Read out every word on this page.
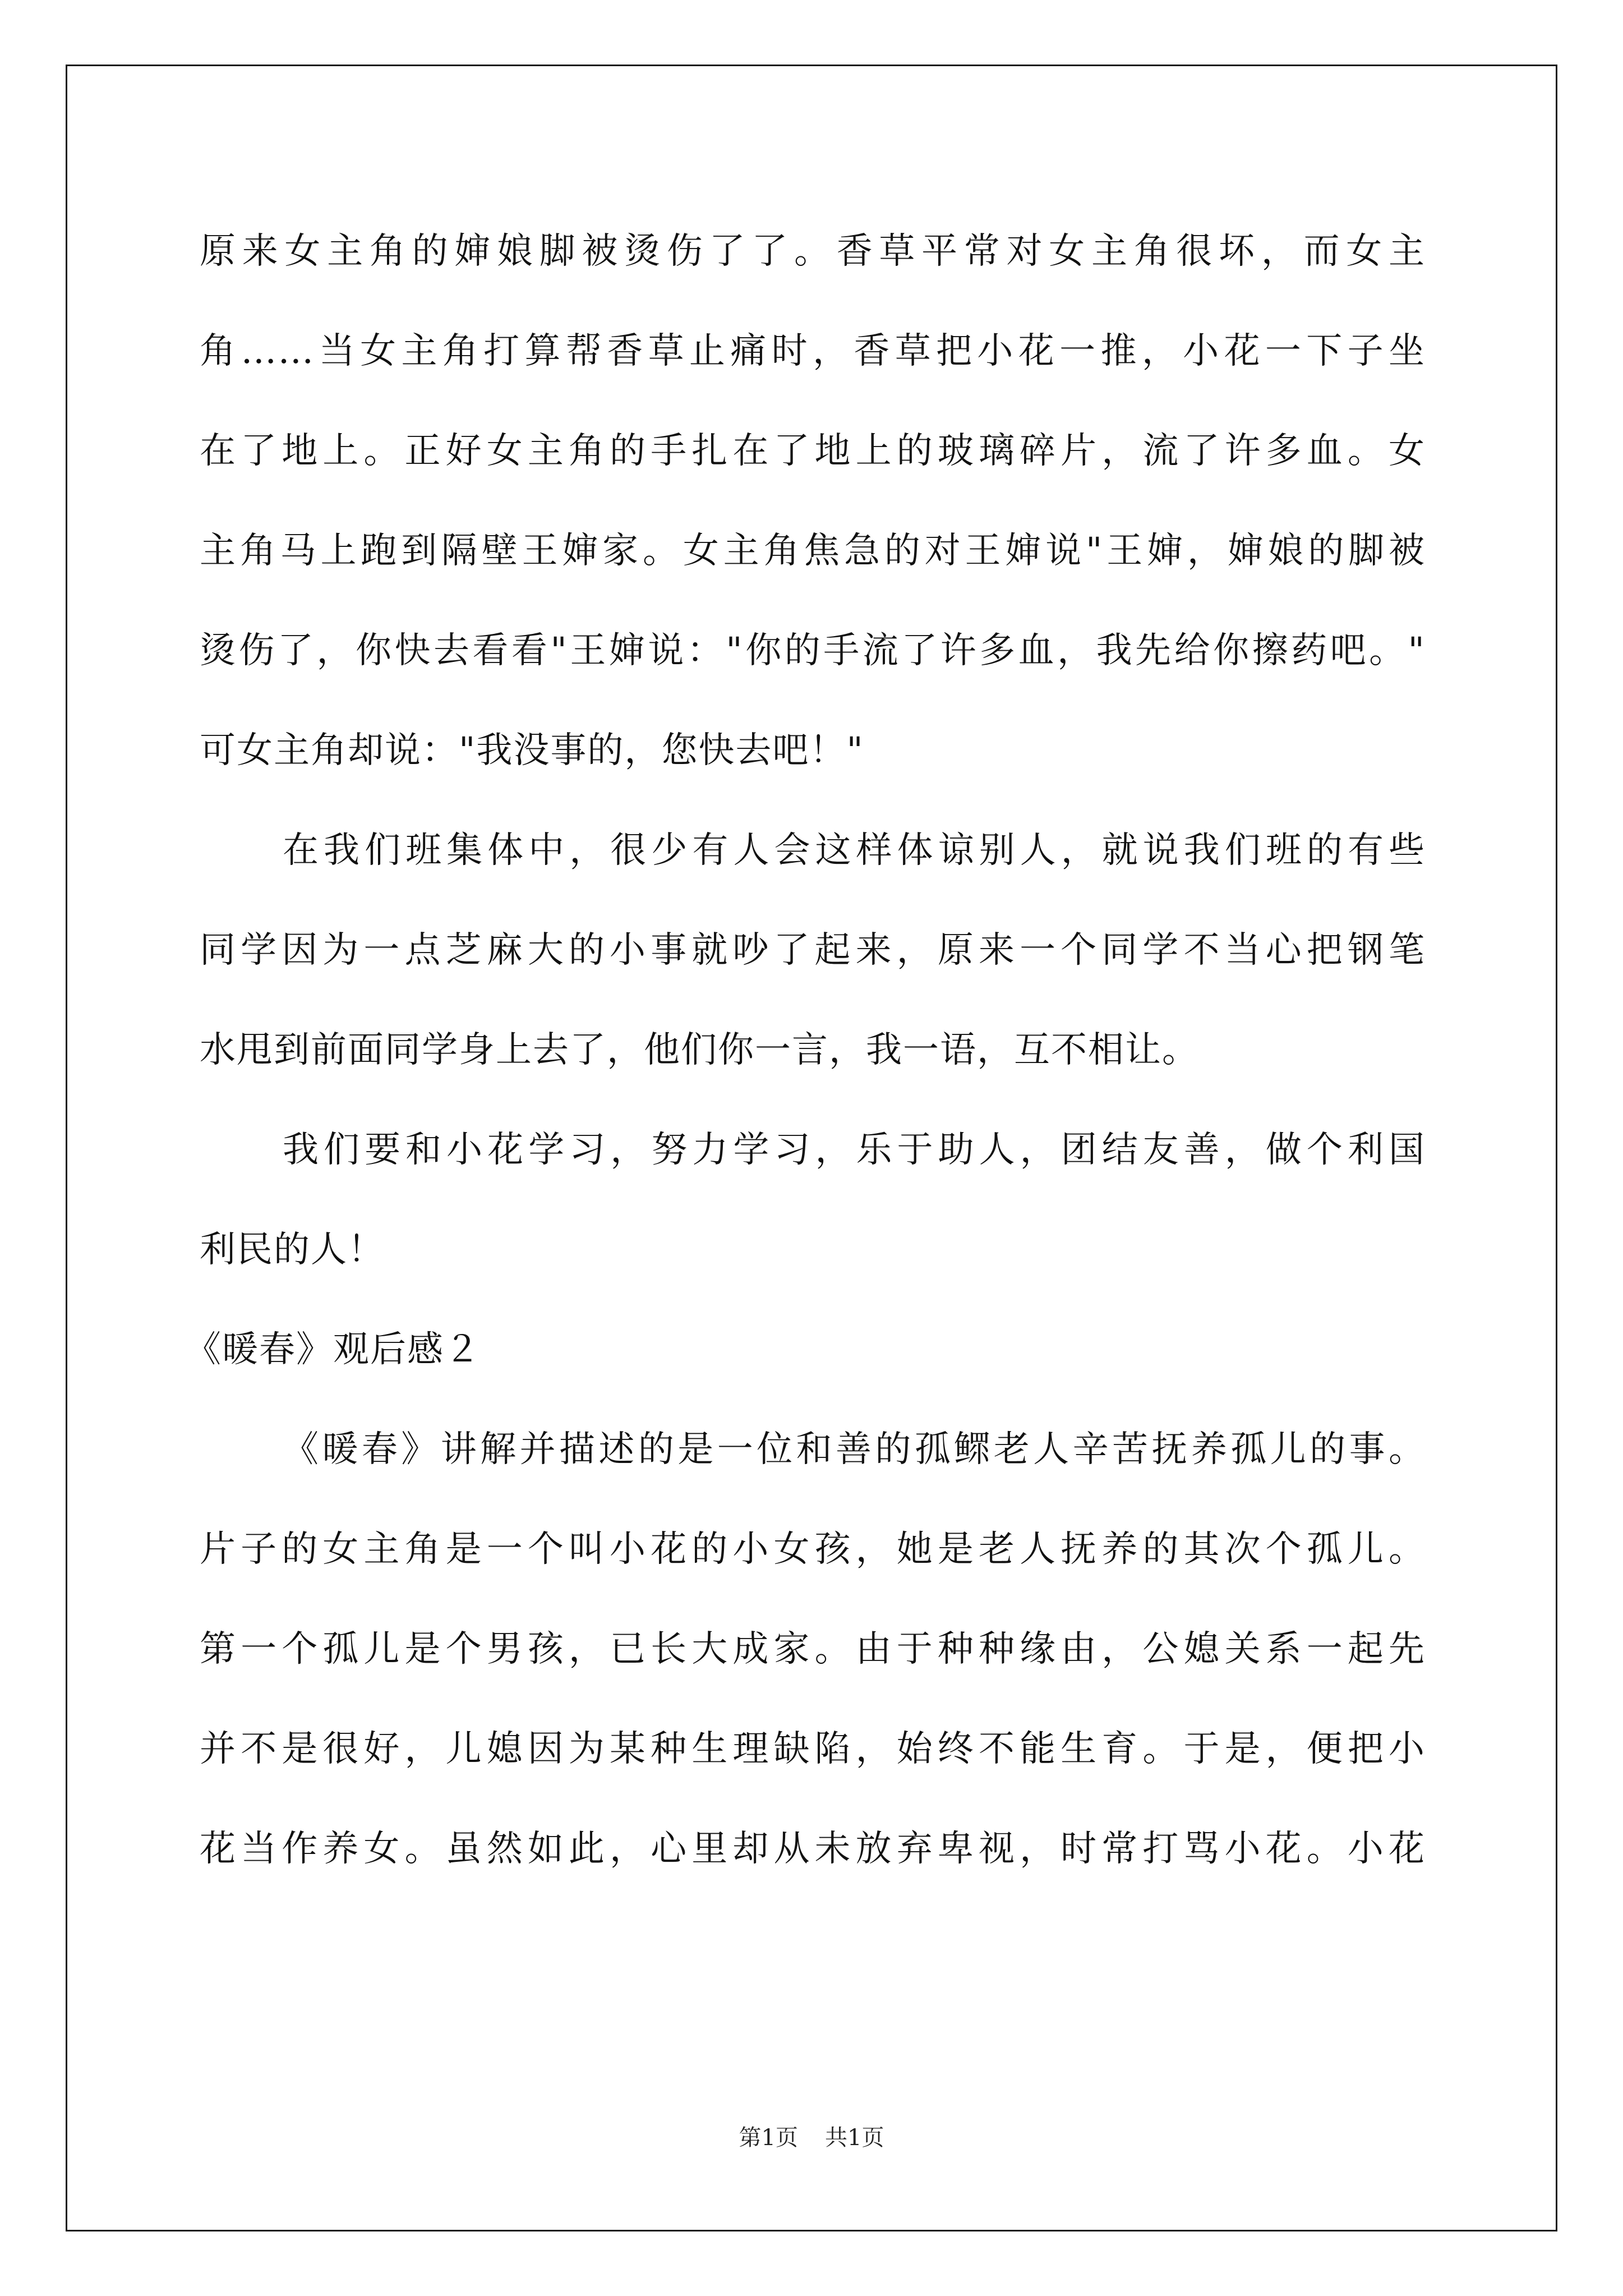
原来女主角的婶娘脚被烫伤了了。香草平常对女主角很坏，而女主
角……当女主角打算帮香草止痛时，香草把小花一推，小花一下子坐
在了地上。正好女主角的手扎在了地上的玻璃碎片，流了许多血。女
主角马上跑到隔壁王婶家。女主角焦急的对王婶说"王婶，婶娘的脚被
烫伤了，你快去看看"王婶说："你的手流了许多血，我先给你擦药吧。"
可女主角却说："我没事的，您快去吧！"
在我们班集体中，很少有人会这样体谅别人，就说我们班的有些
同学因为一点芝麻大的小事就吵了起来，原来一个同学不当心把钢笔
水甩到前面同学身上去了，他们你一言，我一语，互不相让。
我们要和小花学习，努力学习，乐于助人，团结友善，做个利国
利民的人！
《暖春》观后感２
《暖春》讲解并描述的是一位和善的孤鳏老人辛苦抚养孤儿的事。
片子的女主角是一个叫小花的小女孩，她是老人抚养的其次个孤儿。
第一个孤儿是个男孩，已长大成家。由于种种缘由，公媳关系一起先
并不是很好，儿媳因为某种生理缺陷，始终不能生育。于是，便把小
花当作养女。虽然如此，心里却从未放弃卑视，时常打骂小花。小花
第1页 共1页
